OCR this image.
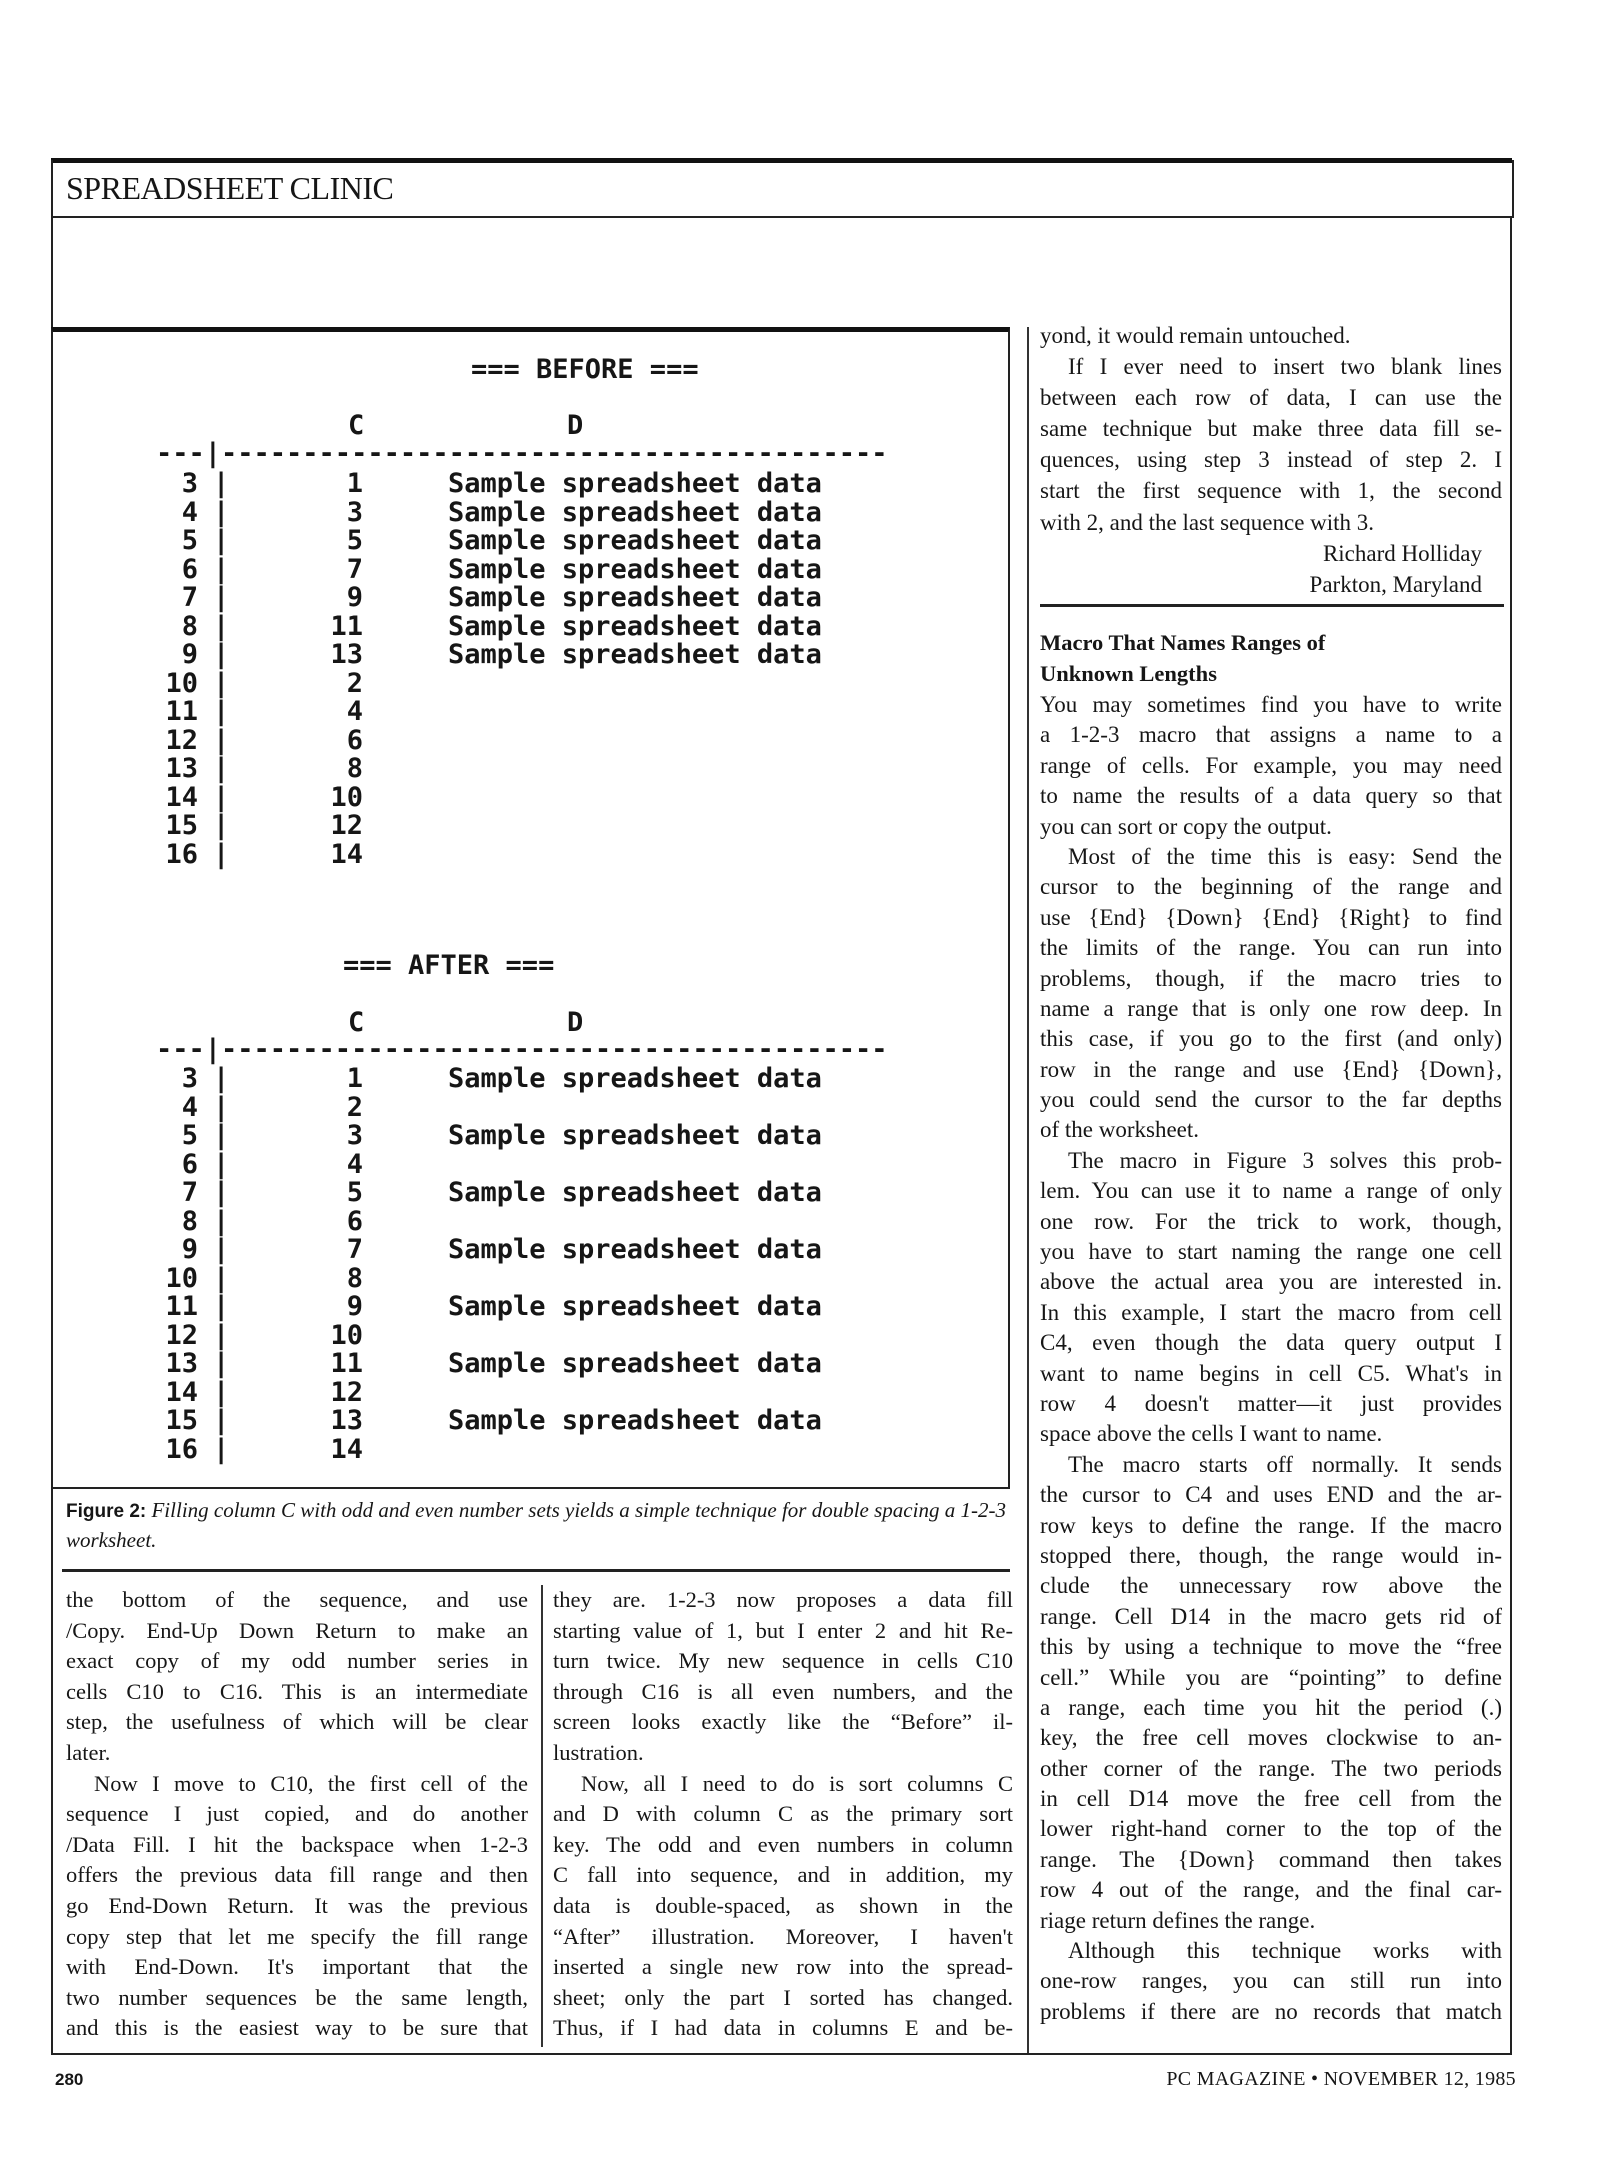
SPREADSHEET CLINIC
=== BEFORE ===
C	D
---|-----------------------------------------
3 |	1	Sample spreadsheet data
4 |	3	Sample spreadsheet data
5 |	5	Sample spreadsheet data
6 |	7	Sample spreadsheet data
7 |	9	Sample spreadsheet data
8 |	11	Sample spreadsheet data
9 |	13	Sample spreadsheet data
10 |	2
11 |	4
12 |	6
13 |	8
14 |	10
15 |	12
16 |	14
=== AFTER ===
C	D
---|-----------------------------------------
3 |	1	Sample spreadsheet data
4 |	2
5 |	3	Sample spreadsheet data
6 |	4
7 |	5	Sample spreadsheet data
8 |	6
9 |	7	Sample spreadsheet data
10 |	8
11 |	9	Sample spreadsheet data
12 |	10
13 |	11	Sample spreadsheet data
14 |	12
15 |	13	Sample spreadsheet data
16 |	14
Figure 2: Filling column C with odd and even number sets yields a simple technique for double spacing a 1-2-3 worksheet.
the bottom of the sequence, and use
/Copy. End-Up Down Return to make an
exact copy of my odd number series in
cells C10 to C16. This is an intermediate
step, the usefulness of which will be clear
later.
Now I move to C10, the first cell of the
sequence I just copied, and do another
/Data Fill. I hit the backspace when 1-2-3
offers the previous data fill range and then
go End-Down Return. It was the previous
copy step that let me specify the fill range
with End-Down. It's important that the
two number sequences be the same length,
and this is the easiest way to be sure that
they are. 1-2-3 now proposes a data fill
starting value of 1, but I enter 2 and hit Re-
turn twice. My new sequence in cells C10
through C16 is all even numbers, and the
screen looks exactly like the “Before” il-
lustration.
Now, all I need to do is sort columns C
and D with column C as the primary sort
key. The odd and even numbers in column
C fall into sequence, and in addition, my
data is double-spaced, as shown in the
“After” illustration. Moreover, I haven't
inserted a single new row into the spread-
sheet; only the part I sorted has changed.
Thus, if I had data in columns E and be-
yond, it would remain untouched.
If I ever need to insert two blank lines
between each row of data, I can use the
same technique but make three data fill se-
quences, using step 3 instead of step 2. I
start the first sequence with 1, the second
with 2, and the last sequence with 3.
Richard Holliday
Parkton, Maryland
Macro That Names Ranges of
Unknown Lengths
You may sometimes find you have to write
a 1-2-3 macro that assigns a name to a
range of cells. For example, you may need
to name the results of a data query so that
you can sort or copy the output.
Most of the time this is easy: Send the
cursor to the beginning of the range and
use {End} {Down} {End} {Right} to find
the limits of the range. You can run into
problems, though, if the macro tries to
name a range that is only one row deep. In
this case, if you go to the first (and only)
row in the range and use {End} {Down},
you could send the cursor to the far depths
of the worksheet.
The macro in Figure 3 solves this prob-
lem. You can use it to name a range of only
one row. For the trick to work, though,
you have to start naming the range one cell
above the actual area you are interested in.
In this example, I start the macro from cell
C4, even though the data query output I
want to name begins in cell C5. What's in
row 4 doesn't matter—it just provides
space above the cells I want to name.
The macro starts off normally. It sends
the cursor to C4 and uses END and the ar-
row keys to define the range. If the macro
stopped there, though, the range would in-
clude the unnecessary row above the
range. Cell D14 in the macro gets rid of
this by using a technique to move the “free
cell.” While you are “pointing” to define
a range, each time you hit the period (.)
key, the free cell moves clockwise to an-
other corner of the range. The two periods
in cell D14 move the free cell from the
lower right-hand corner to the top of the
range. The {Down} command then takes
row 4 out of the range, and the final car-
riage return defines the range.
Although this technique works with
one-row ranges, you can still run into
problems if there are no records that match
280	PC MAGAZINE • NOVEMBER 12, 1985
